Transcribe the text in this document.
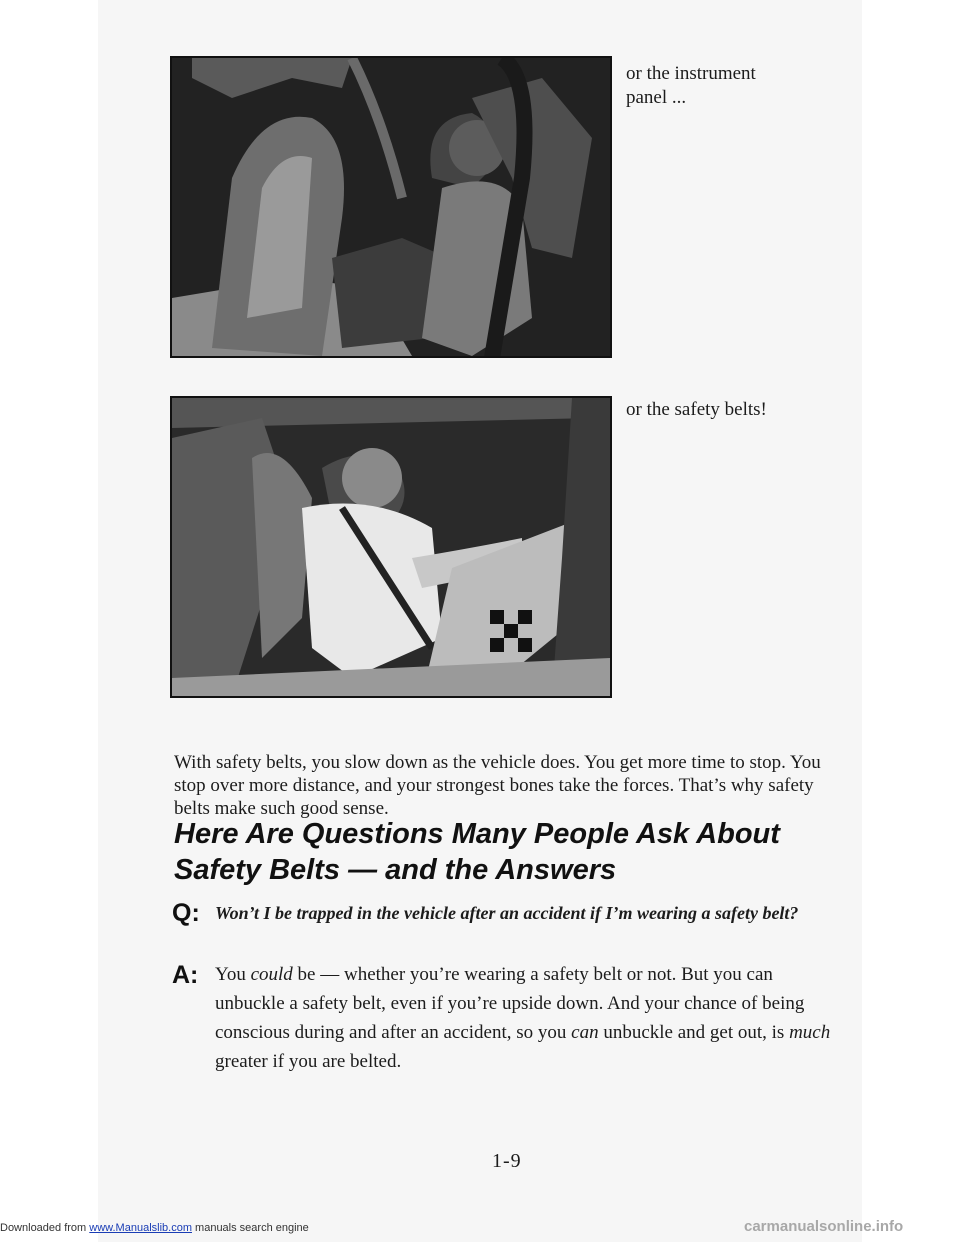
or the instrument
panel ...
or the safety belts!

With safety belts, you slow down as the vehicle does. You get more time to stop. You stop over more distance, and your strongest bones take the forces. That’s why safety belts make such good sense.

Here Are Questions Many People Ask About Safety Belts — and the Answers
Q: Won’t I be trapped in the vehicle after an accident if I’m wearing a safety belt?
A: You could be — whether you’re wearing a safety belt or not. But you can unbuckle a safety belt, even if you’re upside down. And your chance of being conscious during and after an accident, so you can unbuckle and get out, is much greater if you are belted.
1-9
Downloaded from www.Manualslib.com manuals search engine	carmanualsonline.info
